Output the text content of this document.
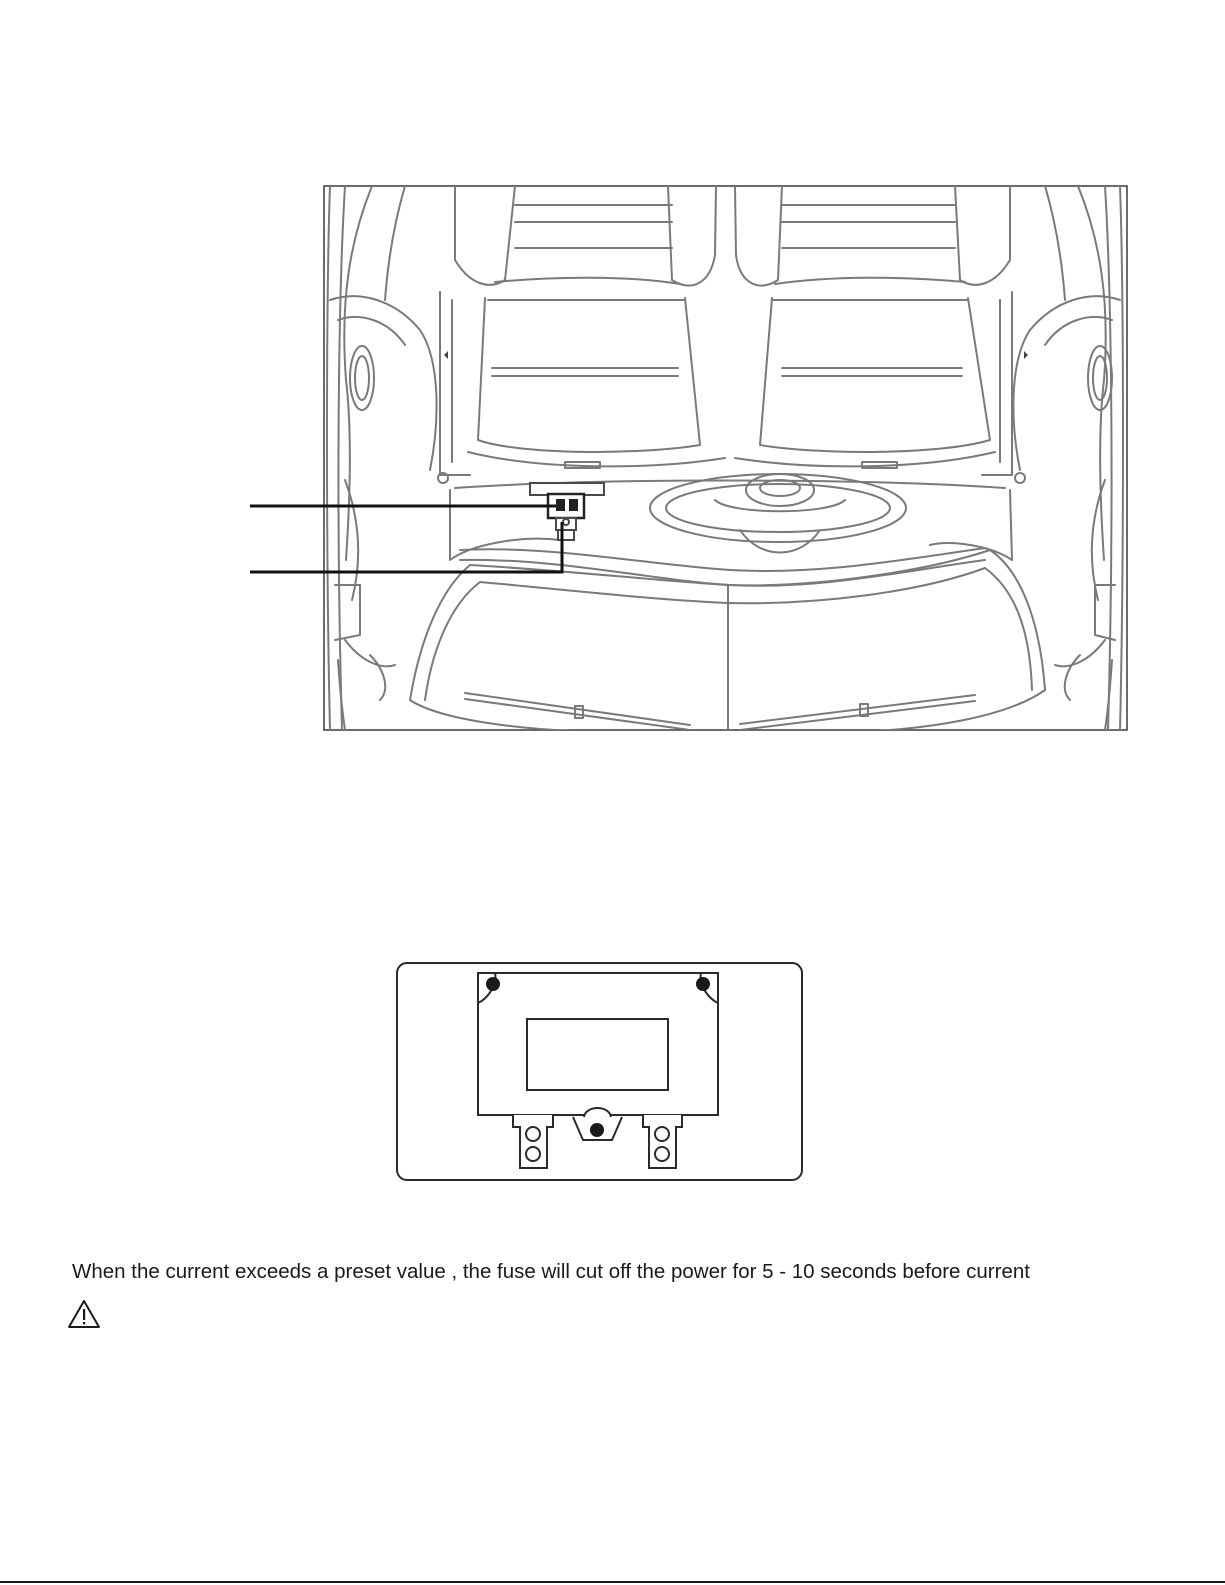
When the current exceeds a preset value , the fuse will cut off the power for 5 - 10 seconds before current
